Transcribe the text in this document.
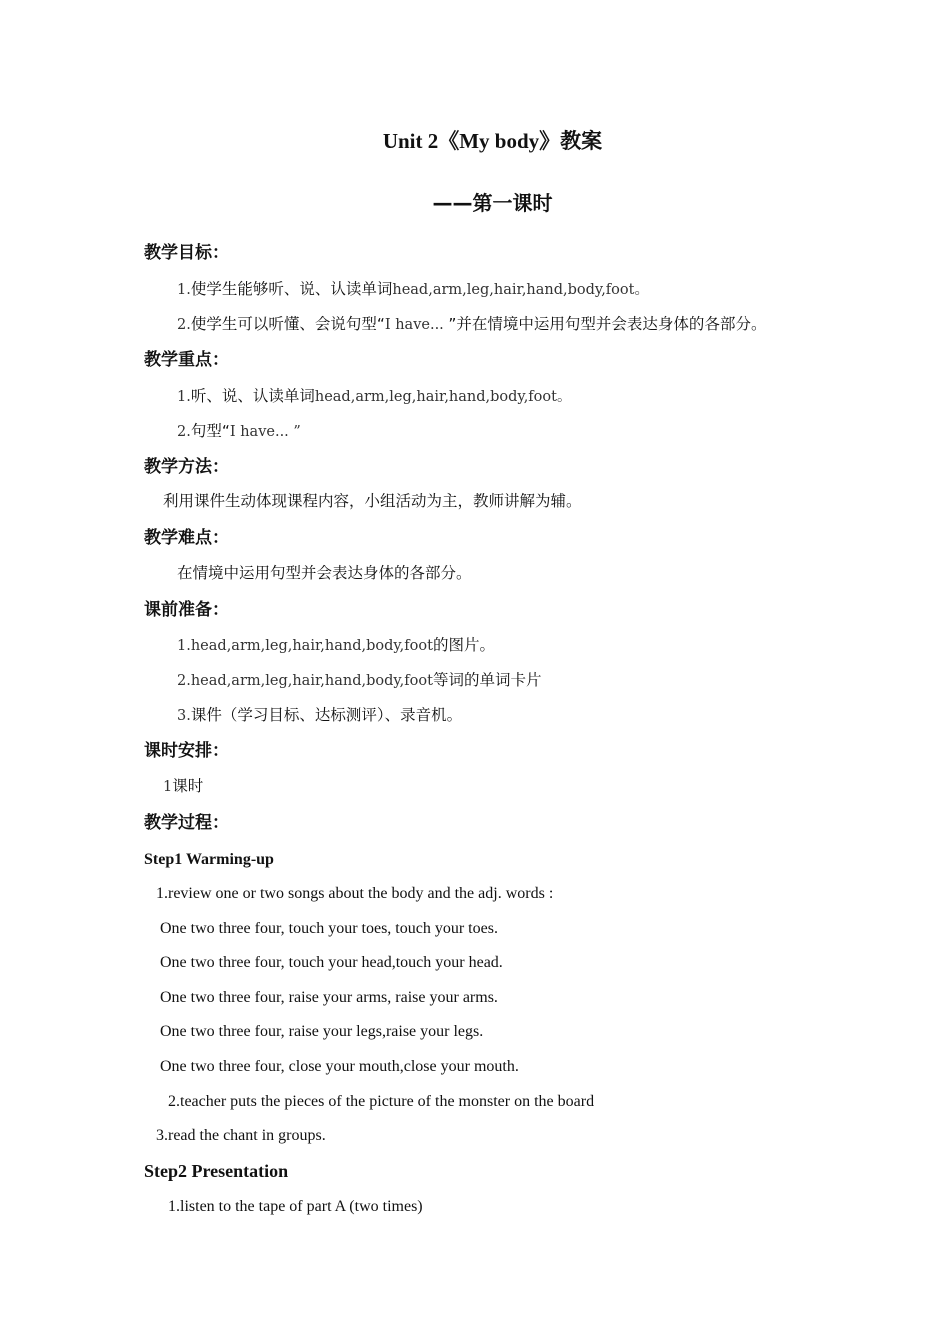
Unit 2《My body》教案
——第一课时
教学目标：
1.使学生能够听、说、认读单词head,arm,leg,hair,hand,body,foot。
2.使学生可以听懂、会说句型“I have... ”并在情境中运用句型并会表达身体的各部分。
教学重点：
1.听、说、认读单词head,arm,leg,hair,hand,body,foot。
2.句型“I have... ”
教学方法：
利用课件生动体现课程内容，小组活动为主，教师讲解为辅。
教学难点：
在情境中运用句型并会表达身体的各部分。
课前准备：
1.head,arm,leg,hair,hand,body,foot的图片。
2.head,arm,leg,hair,hand,body,foot等词的单词卡片
3.课件（学习目标、达标测评）、录音机。
课时安排：
1课时
教学过程：
Step1 Warming-up
1.review one or two songs about the body and the adj. words :
One two three four, touch your toes, touch your toes.
One two three four, touch your head,touch your head.
One two three four, raise your arms, raise your arms.
One two three four, raise your legs,raise your legs.
One two three four, close your mouth,close your mouth.
2.teacher puts the pieces of the picture of the monster on the board
3.read the chant in groups.
Step2 Presentation
1.listen to the tape of part A (two times)
